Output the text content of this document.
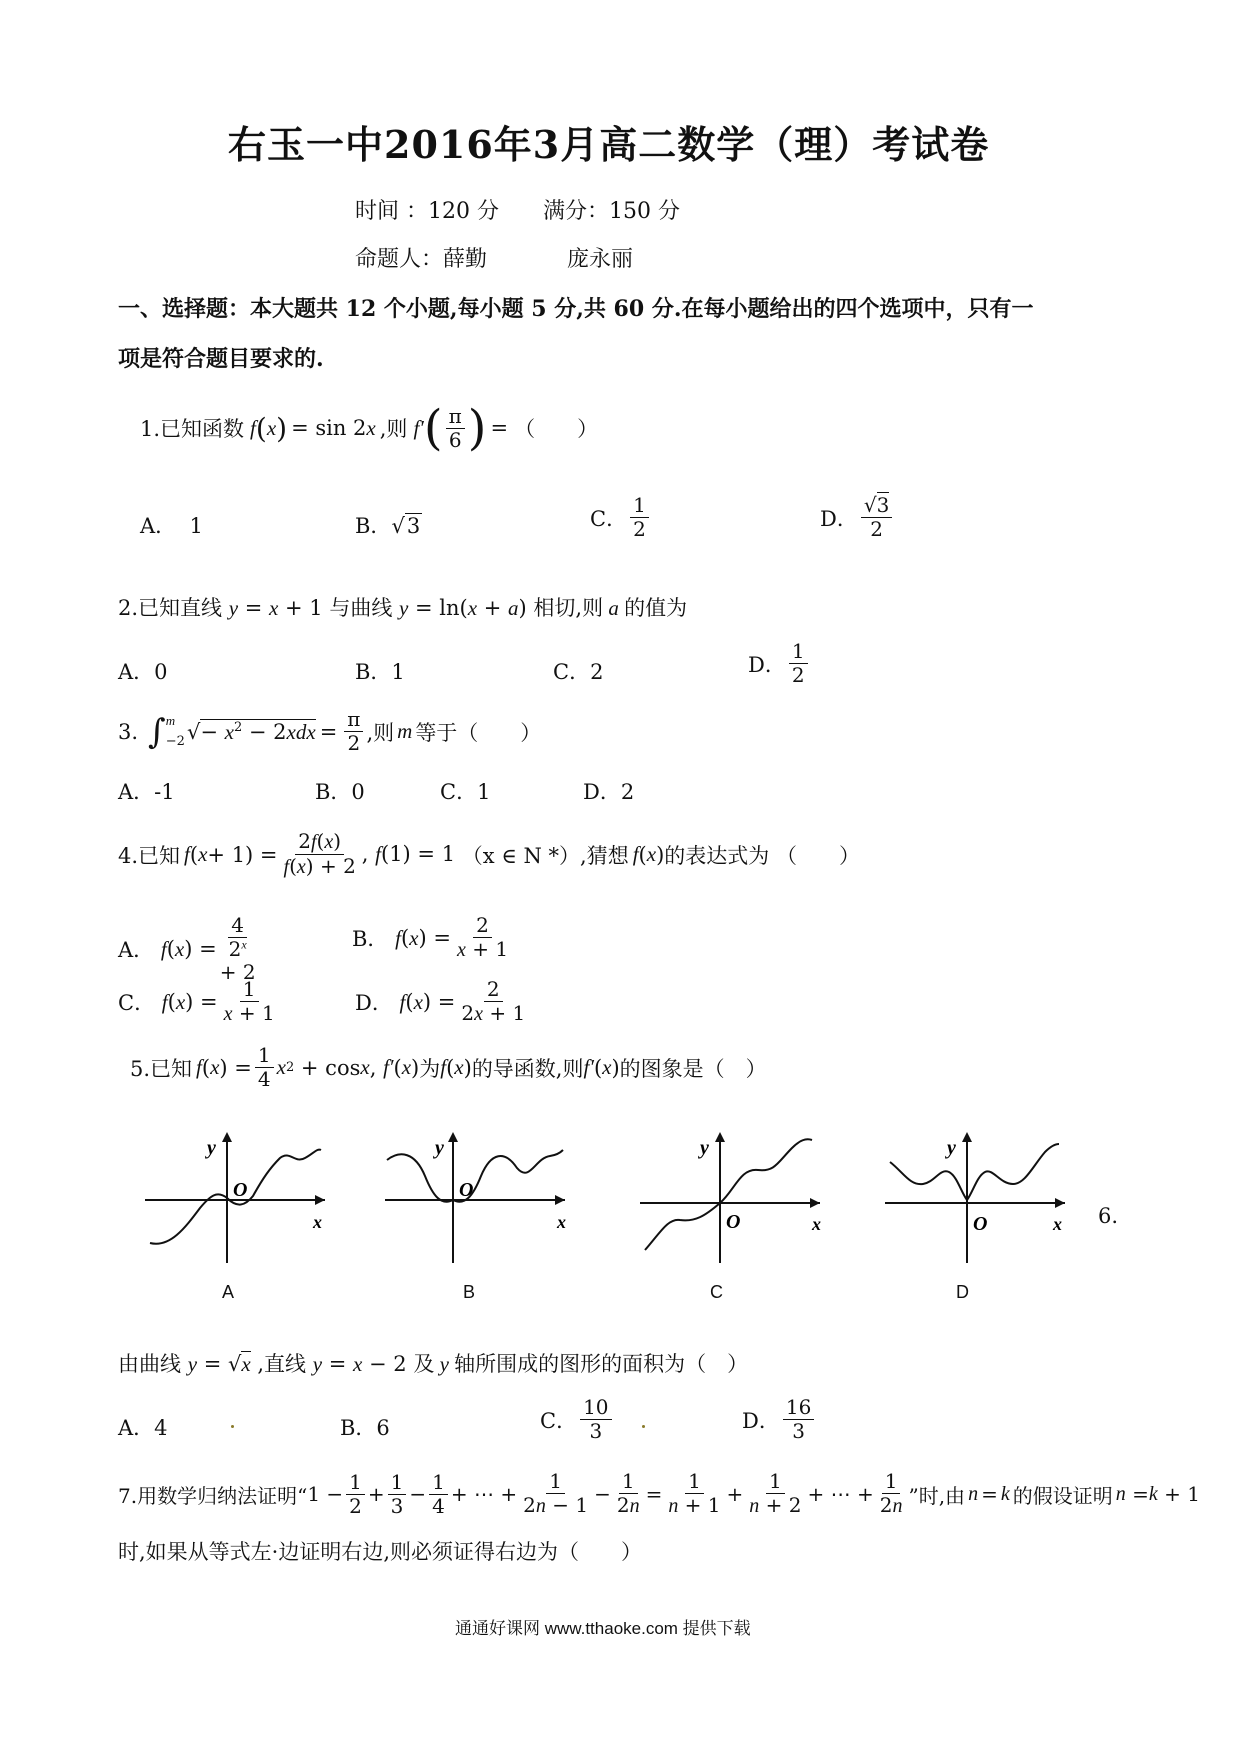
右玉一中2016年3月高二数学（理）考试卷
时间 ：120 分 满分：150 分
命题人：薛勤	庞永丽
一、选择题：本大题共 12 个小题,每小题 5 分,共 60 分.在每小题给出的四个选项中，只有一
项是符合题目要求的.
1.已知函数 f ( x ) = sin 2x ,则 f′ ( $\frac{\pi}{6}$ ) = （　　）
A．  1	B．√3	C． $\frac{1}{2}$	D． $\frac{√3}{2}$
2.已知直线 y = x + 1 与曲线 y = ln(x + a) 相切,则 a 的值为
A．0	B．1	C．2	D． $\frac{1}{2}$
3. ∫ m
−2 √ − $x^2 - 2xdx = \frac{\pi}{2}$ ,则 m 等于（　　）
A．-1	B．0	C．1	D．2
4.已知 f ( $x + 1) = \frac{2f(x)}{f(x) + 2}$ , f(1) = 1 （x ∈ N *）,猜想 f ( x ) 的表达式为 （　　）
A．
f ( x ) =
4
$2^x$
+ 2
B．
f ( x ) = $\frac{2}{x + 1}$
C．
f ( x ) = $\frac{1}{x + 1}$	D．
f ( x ) = $\frac{2}{2x + 1}$
5.已知 f ( x ) = $\frac{1}{4}$ x 2 + cos x , f′ ( x ) 为 f ( x ) 的导函数,则 f′ ( x ) 的图象是（　）
y
x
O
A
y
x
O
B
y
x
O
C
y
x
O
D
6.
由曲线 y = √x ,直线 y = x − 2 及 y 轴所围成的图形的面积为（　）
A．4	B．6	C． $\frac{10}{3}$	D． $\frac{16}{3}$
7.用数学归纳法证明“ $1 - \frac{1}{2} + \frac{1}{3} - \frac{1}{4}$ + ⋯ + $\frac{1}{2n - 1} - \frac{1}{2n} = \frac{1}{n + 1} + \frac{1}{n + 2}$ + ⋯ + $\frac{1}{2n}$ ”时,由 n = k 的假设证明 n = k + 1
时,如果从等式左·边证明右边,则必须证得右边为（　　）
通通好课网 www.tthaoke.com 提供下载
